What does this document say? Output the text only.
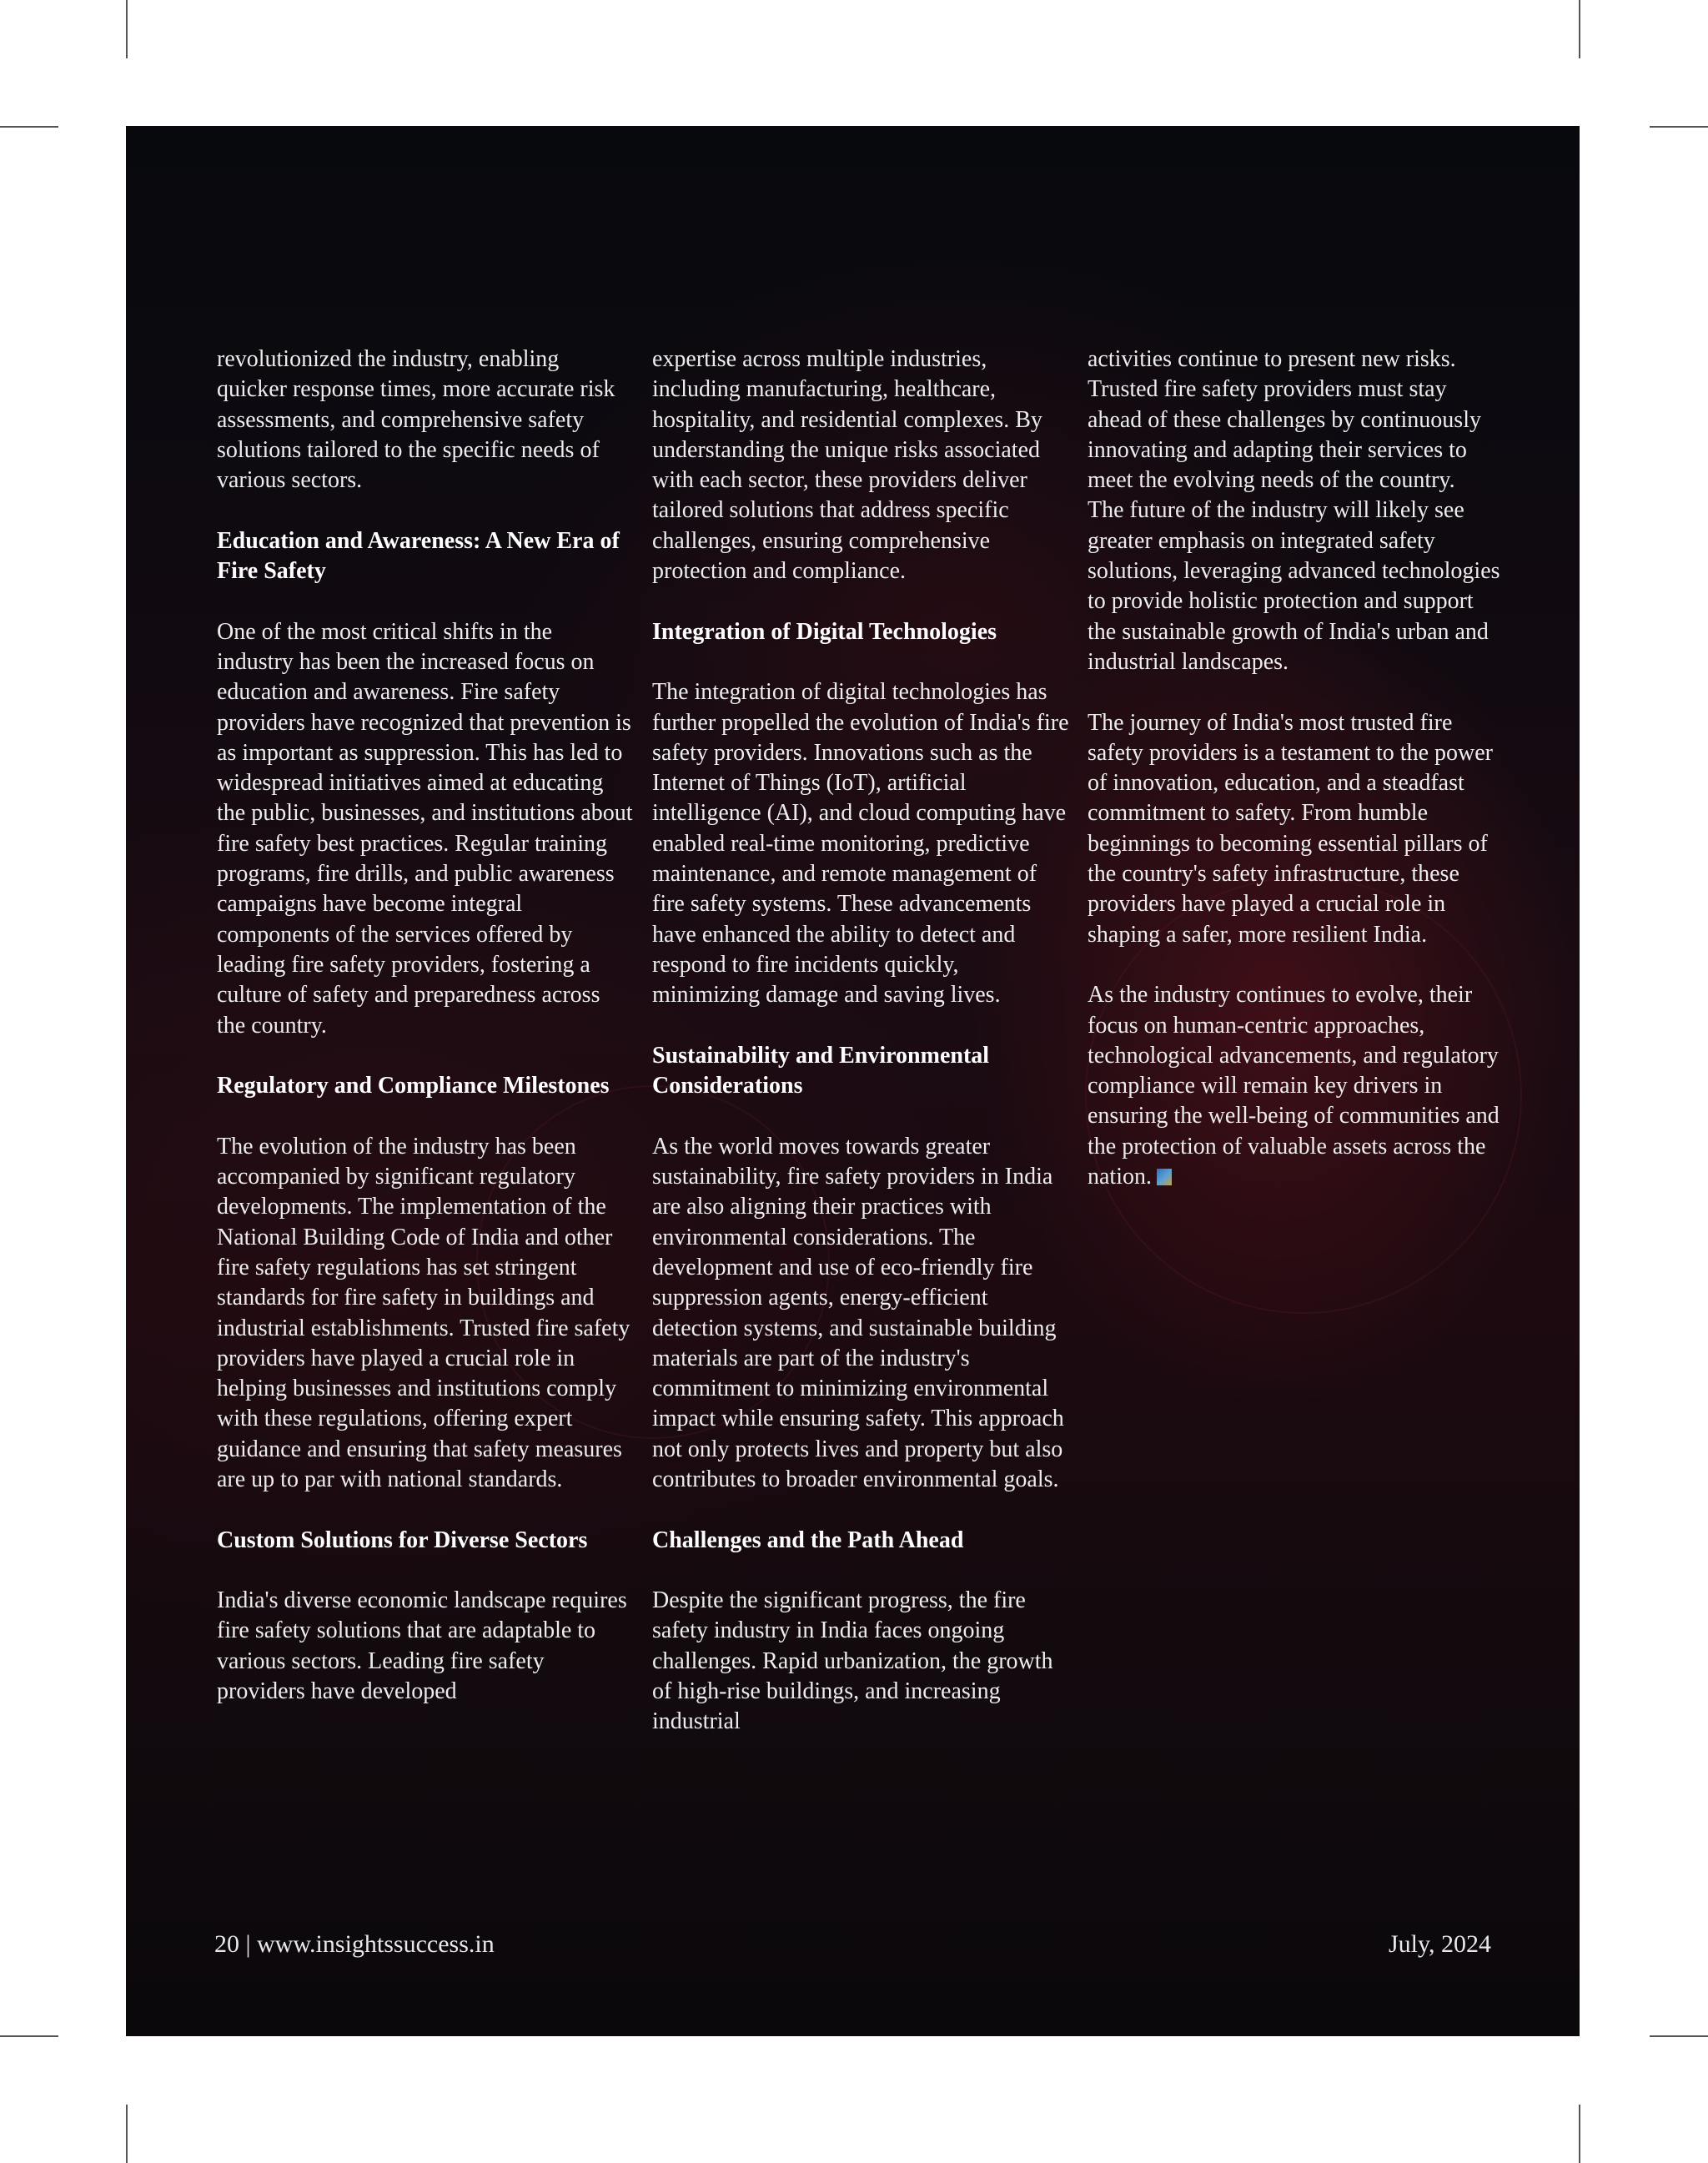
revolutionized the industry, enabling quicker response times, more accurate risk assessments, and comprehensive safety solutions tailored to the specific needs of various sectors.

Education and Awareness: A New Era of Fire Safety

One of the most critical shifts in the industry has been the increased focus on education and awareness. Fire safety providers have recognized that prevention is as important as suppression. This has led to widespread initiatives aimed at educating the public, businesses, and institutions about fire safety best practices. Regular training programs, fire drills, and public awareness campaigns have become integral components of the services offered by leading fire safety providers, fostering a culture of safety and preparedness across the country.

Regulatory and Compliance Milestones

The evolution of the industry has been accompanied by significant regulatory developments. The implementation of the National Building Code of India and other fire safety regulations has set stringent standards for fire safety in buildings and industrial establishments. Trusted fire safety providers have played a crucial role in helping businesses and institutions comply with these regulations, offering expert guidance and ensuring that safety measures are up to par with national standards.

Custom Solutions for Diverse Sectors

India's diverse economic landscape requires fire safety solutions that are adaptable to various sectors. Leading fire safety providers have developed

expertise across multiple industries, including manufacturing, healthcare, hospitality, and residential complexes. By understanding the unique risks associated with each sector, these providers deliver tailored solutions that address specific challenges, ensuring comprehensive protection and compliance.

Integration of Digital Technologies

The integration of digital technologies has further propelled the evolution of India's fire safety providers. Innovations such as the Internet of Things (IoT), artificial intelligence (AI), and cloud computing have enabled real-time monitoring, predictive maintenance, and remote management of fire safety systems. These advancements have enhanced the ability to detect and respond to fire incidents quickly, minimizing damage and saving lives.

Sustainability and Environmental Considerations

As the world moves towards greater sustainability, fire safety providers in India are also aligning their practices with environmental considerations. The development and use of eco-friendly fire suppression agents, energy-efficient detection systems, and sustainable building materials are part of the industry's commitment to minimizing environmental impact while ensuring safety. This approach not only protects lives and property but also contributes to broader environmental goals.

Challenges and the Path Ahead

Despite the significant progress, the fire safety industry in India faces ongoing challenges. Rapid urbanization, the growth of high-rise buildings, and increasing industrial

activities continue to present new risks. Trusted fire safety providers must stay ahead of these challenges by continuously innovating and adapting their services to meet the evolving needs of the country.

The future of the industry will likely see greater emphasis on integrated safety solutions, leveraging advanced technologies to provide holistic protection and support the sustainable growth of India's urban and industrial landscapes.

The journey of India's most trusted fire safety providers is a testament to the power of innovation, education, and a steadfast commitment to safety. From humble beginnings to becoming essential pillars of the country's safety infrastructure, these providers have played a crucial role in shaping a safer, more resilient India.

As the industry continues to evolve, their focus on human-centric approaches, technological advancements, and regulatory compliance will remain key drivers in ensuring the well-being of communities and the protection of valuable assets across the nation.

20 | www.insightssuccess.in	July, 2024
